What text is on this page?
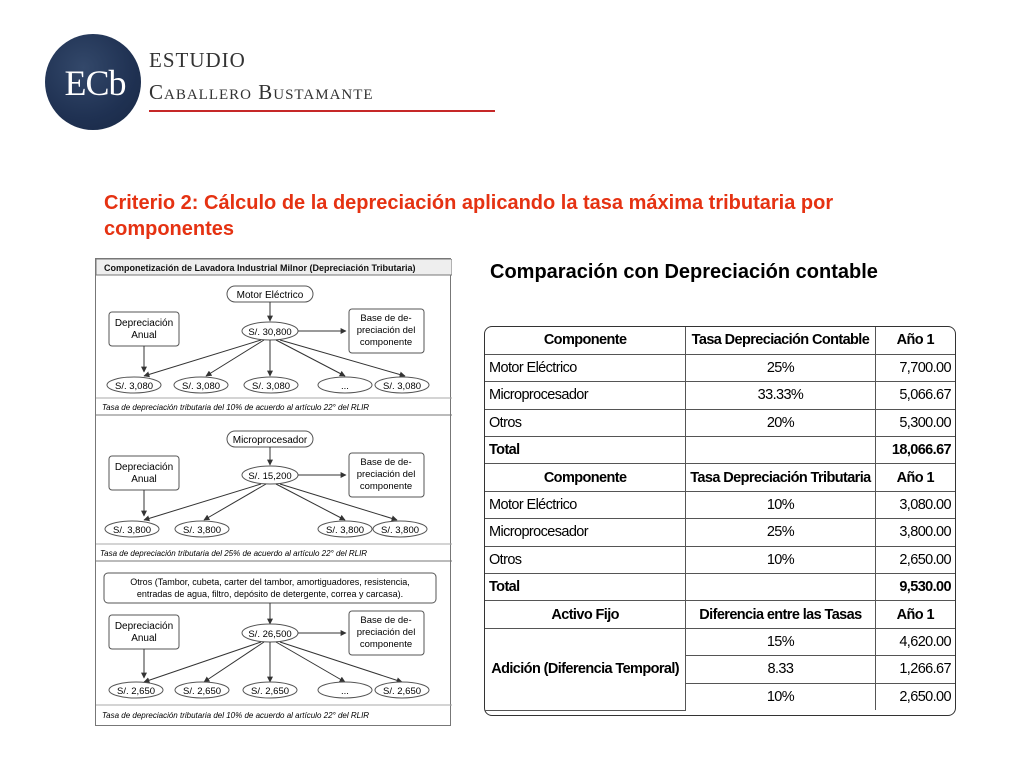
ECb
ESTUDIO
Caballero Bustamante
Criterio 2: Cálculo de la depreciación aplicando la tasa máxima tributaria por componentes
Comparación con Depreciación contable
Componetización de Lavadora Industrial Milnor (Depreciación Tributaria)
Motor Eléctrico
Depreciación
Anual	S/. 30,800
Base de de-
preciación del
componente
S/. 3,080	S/. 3,080	S/. 3,080	...	S/. 3,080
Tasa de depreciación tributaria del 10% de acuerdo al artículo 22° del RLIR
Microprocesador
Depreciación
Anual	S/. 15,200
Base de de-
preciación del
componente
S/. 3,800	S/. 3,800	S/. 3,800 S/. 3,800
Tasa de depreciación tributaria del 25% de acuerdo al artículo 22° del RLIR
Otros (Tambor, cubeta, carter del tambor, amortiguadores, resistencia,
entradas de agua, filtro, depósito de detergente, correa y carcasa).
Depreciación
Anual	S/. 26,500
Base de de-
preciación del
componente
S/. 2,650	S/. 2,650	S/. 2,650	...	S/. 2,650
Tasa de depreciación tributaria del 10% de acuerdo al artículo 22° del RLIR
Componente	Tasa Depreciación Contable	Año 1
Motor Eléctrico	25%	7,700.00
Microprocesador	33.33%	5,066.67
Otros	20%	5,300.00
Total		18,066.67
Componente	Tasa Depreciación Tributaria	Año 1
Motor Eléctrico	10%	3,080.00
Microprocesador	25%	3,800.00
Otros	10%	2,650.00
Total		9,530.00
Activo Fijo	Diferencia entre las Tasas	Año 1
Adición (Diferencia Temporal)	15%	4,620.00
	8.33	1,266.67
	10%	2,650.00
